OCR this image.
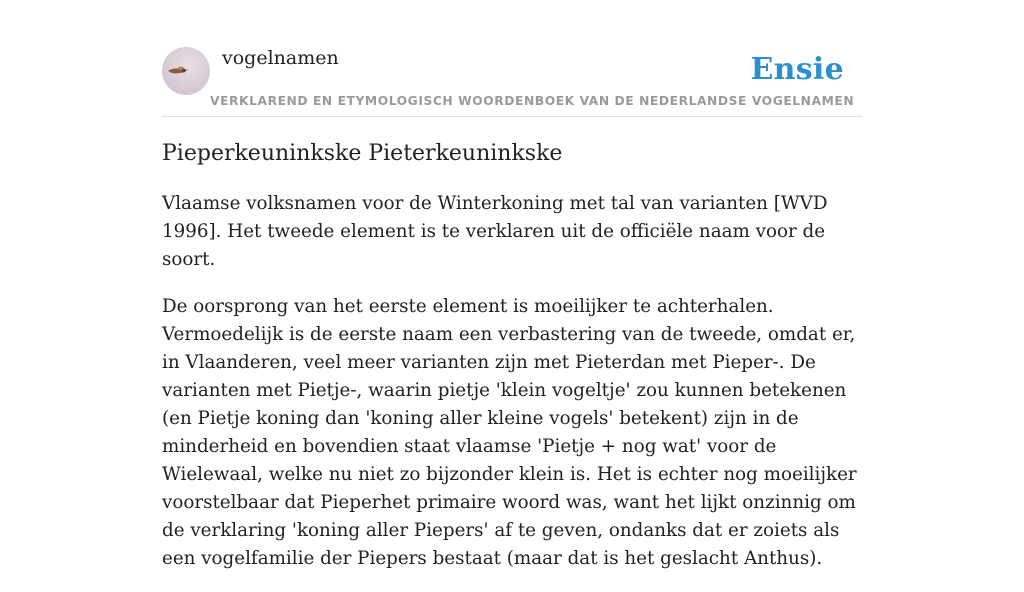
vogelnamen	Ensie
VERKLAREND EN ETYMOLOGISCH WOORDENBOEK VAN DE NEDERLANDSE VOGELNAMEN
Pieperkeuninkske Pieterkeuninkske

Vlaamse volksnamen voor de Winterkoning met tal van varianten [WVD 1996]. Het tweede element is te verklaren uit de officiële naam voor de soort.

De oorsprong van het eerste element is moeilijker te achterhalen. Vermoedelijk is de eerste naam een verbastering van de tweede, omdat er, in Vlaanderen, veel meer varianten zijn met Pieterdan met Pieper-. De varianten met Pietje-, waarin pietje 'klein vogeltje' zou kunnen betekenen (en Pietje koning dan 'koning aller kleine vogels' betekent) zijn in de minderheid en bovendien staat vlaamse 'Pietje + nog wat' voor de Wielewaal, welke nu niet zo bijzonder klein is. Het is echter nog moeilijker voorstelbaar dat Pieperhet primaire woord was, want het lijkt onzinnig om de verklaring 'koning aller Piepers' af te geven, ondanks dat er zoiets als een vogelfamilie der Piepers bestaat (maar dat is het geslacht Anthus).
